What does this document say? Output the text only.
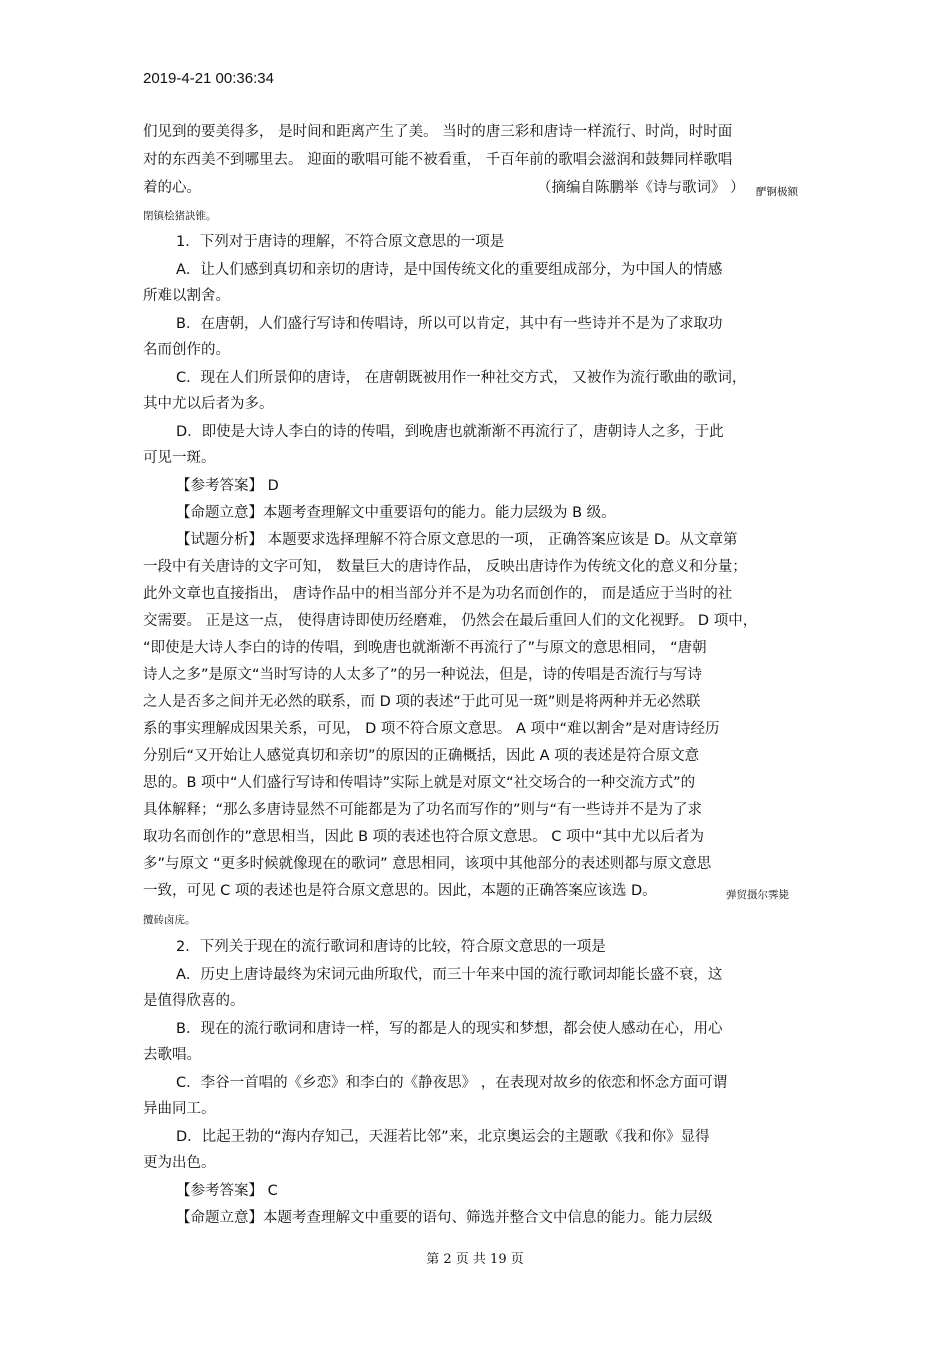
2019-4-21 00:36:34
们见到的要美得多， 是时间和距离产生了美。 当时的唐三彩和唐诗一样流行、时尚，时时面
对的东西美不到哪里去。 迎面的歌唱可能不被看重， 千百年前的歌唱会滋润和鼓舞同样歌唱
着的心。	（摘编自陈鹏举《诗与歌词》 ） 酽锕极额
閉镇桧猪訣锥。
1．下列对于唐诗的理解，不符合原文意思的一项是
A．让人们感到真切和亲切的唐诗，是中国传统文化的重要组成部分，为中国人的情感
所难以割舍。
B．在唐朝，人们盛行写诗和传唱诗，所以可以肯定，其中有一些诗并不是为了求取功
名而创作的。
C．现在人们所景仰的唐诗， 在唐朝既被用作一种社交方式， 又被作为流行歌曲的歌词，
其中尤以后者为多。
D．即使是大诗人李白的诗的传唱，到晚唐也就渐渐不再流行了，唐朝诗人之多，于此
可见一斑。
【参考答案】 D
【命题立意】本题考查理解文中重要语句的能力。能力层级为 B 级。
【试题分析】 本题要求选择理解不符合原文意思的一项， 正确答案应该是 D。从文章第
一段中有关唐诗的文字可知， 数量巨大的唐诗作品， 反映出唐诗作为传统文化的意义和分量；
此外文章也直接指出， 唐诗作品中的相当部分并不是为功名而创作的， 而是适应于当时的社
交需要。 正是这一点， 使得唐诗即使历经磨难， 仍然会在最后重回人们的文化视野。 D 项中，
“即使是大诗人李白的诗的传唱，到晚唐也就渐渐不再流行了”与原文的意思相同， “唐朝
诗人之多”是原文“当时写诗的人太多了”的另一种说法，但是，诗的传唱是否流行与写诗
之人是否多之间并无必然的联系，而 D 项的表述“于此可见一斑”则是将两种并无必然联
系的事实理解成因果关系，可见， D 项不符合原文意思。 A 项中“难以割舍”是对唐诗经历
分别后“又开始让人感觉真切和亲切”的原因的正确概括，因此 A 项的表述是符合原文意
思的。B 项中“人们盛行写诗和传唱诗”实际上就是对原文“社交场合的一种交流方式”的
具体解释；“那么多唐诗显然不可能都是为了功名而写作的”则与“有一些诗并不是为了求
取功名而创作的”意思相当，因此 B 项的表述也符合原文意思。 C 项中“其中尤以后者为
多”与原文 “更多时候就像现在的歌词” 意思相同，该项中其他部分的表述则都与原文意思
一致，可见 C 项的表述也是符合原文意思的。因此，本题的正确答案应该选 D。	弹贸摄尔霁毙
攬砖卤庑。
2．下列关于现在的流行歌词和唐诗的比较，符合原文意思的一项是
A．历史上唐诗最终为宋词元曲所取代，而三十年来中国的流行歌词却能长盛不衰，这
是值得欣喜的。
B．现在的流行歌词和唐诗一样，写的都是人的现实和梦想，都会使人感动在心，用心
去歌唱。
C．李谷一首唱的《乡恋》和李白的《静夜思》 ，在表现对故乡的依恋和怀念方面可谓
异曲同工。
D．比起王勃的“海内存知己，天涯若比邻”来，北京奥运会的主题歌《我和你》显得
更为出色。
【参考答案】 C
【命题立意】本题考查理解文中重要的语句、筛选并整合文中信息的能力。能力层级
第 2 页 共 19 页
